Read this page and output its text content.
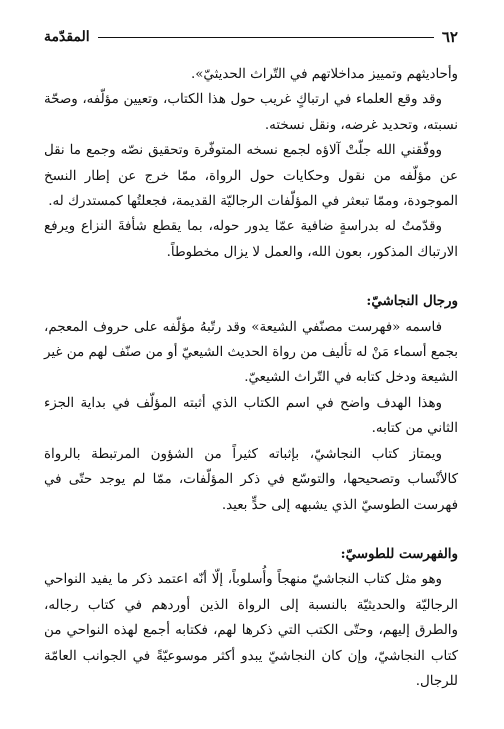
٦٢
المقدّمة

وأحاديثهم وتمييز مداخلاتهم في التّراث الحديثيّ».

وقد وقع العلماء في ارتباكٍ غريب حول هذا الكتاب، وتعيين مؤلّفه، وصحّة نسبته، وتحديد غرضه، ونقل نسخته.

ووفّقني الله جلّتْ آلاؤه لجمع نسخه المتوفّرة وتحقيق نصّه وجمع ما نقل عن مؤلّفه من نقول وحكايات حول الرواة، ممّا خرج عن إطار النسخ الموجودة، وممّا تبعثر في المؤلّفات الرجاليّة القديمة، فجعلتُها كمستدرك له.

وقدّمتُ له بدراسةٍ ضافية عمّا يدور حوله، بما يقطع شأفةَ النزاع ويرفع الارتباك المذكور، بعون الله، والعمل لا يزال مخطوطاً.

ورجال النجاشيّ:

فاسمه «فهرست مصنّفي الشيعة» وقد رتّبهُ مؤلّفه على حروف المعجم، بجمع أسماء مَنْ له تأليف من رواة الحديث الشيعيّ أو من صنّف لهم من غير الشيعة ودخل كتابه في التّراث الشيعيّ.

وهذا الهدف واضح في اسم الكتاب الذي أثبته المؤلّف في بداية الجزء الثاني من كتابه.

ويمتاز كتاب النجاشيّ، بإثباته كثيراً من الشؤون المرتبطة بالرواة كالأنْساب وتصحيحها، والتوسّع في ذكر المؤلّفات، ممّا لم يوجد حتّى في فهرست الطوسيّ الذي يشبهه إلى حدٍّ بعيد.

والفهرست للطوسيّ:

وهو مثل كتاب النجاشيّ منهجاً وأُسلوباً، إلّا أنّه اعتمد ذكر ما يفيد النواحي الرجاليّة والحديثيّة بالنسبة إلى الرواة الذين أوردهم في كتاب رجاله، والطرق إليهم، وحتّى الكتب التي ذكرها لهم، فكتابه أجمع لهذه النواحي من كتاب النجاشيّ، وإن كان النجاشيّ يبدو أكثر موسوعيّةً في الجوانب العامّة للرجال.
